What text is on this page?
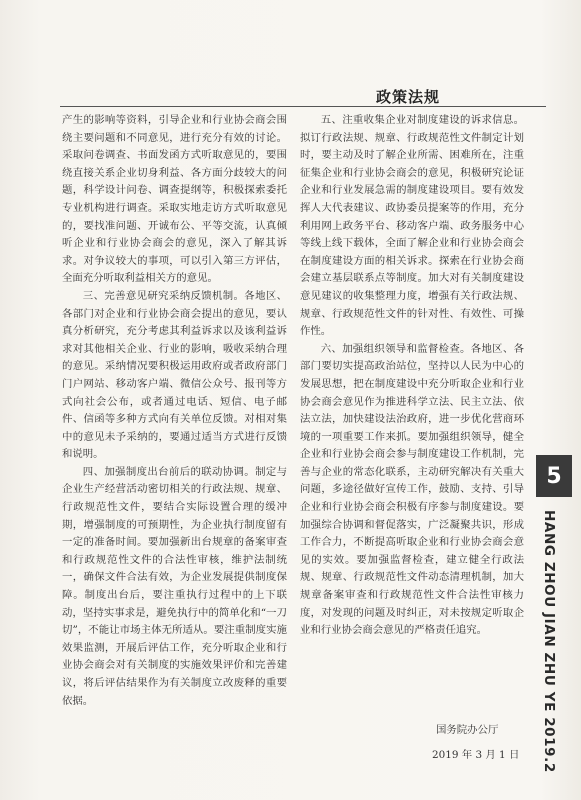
政策法规

产生的影响等资料，引导企业和行业协会商会围绕主要问题和不同意见，进行充分有效的讨论。采取问卷调查、书面发函方式听取意见的，要围绕直接关系企业切身利益、各方面分歧较大的问题，科学设计问卷、调查提纲等，积极探索委托专业机构进行调查。采取实地走访方式听取意见的，要找准问题、开诚布公、平等交流，认真倾听企业和行业协会商会的意见，深入了解其诉求。对争议较大的事项，可以引入第三方评估，全面充分听取利益相关方的意见。

三、完善意见研究采纳反馈机制。各地区、各部门对企业和行业协会商会提出的意见，要认真分析研究，充分考虑其利益诉求以及该利益诉求对其他相关企业、行业的影响，吸收采纳合理的意见。采纳情况要积极运用政府或者政府部门门户网站、移动客户端、微信公众号、报刊等方式向社会公布，或者通过电话、短信、电子邮件、信函等多种方式向有关单位反馈。对相对集中的意见未予采纳的，要通过适当方式进行反馈和说明。

四、加强制度出台前后的联动协调。制定与企业生产经营活动密切相关的行政法规、规章、行政规范性文件，要结合实际设置合理的缓冲期，增强制度的可预期性，为企业执行制度留有一定的准备时间。要加强新出台规章的备案审查和行政规范性文件的合法性审核，维护法制统一，确保文件合法有效，为企业发展提供制度保障。制度出台后，要注重执行过程中的上下联动，坚持实事求是，避免执行中的简单化和“一刀切”，不能让市场主体无所适从。要注重制度实施效果监测，开展后评估工作，充分听取企业和行业协会商会对有关制度的实施效果评价和完善建议，将后评估结果作为有关制度立改废释的重要依据。

五、注重收集企业对制度建设的诉求信息。拟订行政法规、规章、行政规范性文件制定计划时，要主动及时了解企业所需、困难所在，注重征集企业和行业协会商会的意见，积极研究论证企业和行业发展急需的制度建设项目。要有效发挥人大代表建议、政协委员提案等的作用，充分利用网上政务平台、移动客户端、政务服务中心等线上线下载体，全面了解企业和行业协会商会在制度建设方面的相关诉求。探索在行业协会商会建立基层联系点等制度。加大对有关制度建设意见建议的收集整理力度，增强有关行政法规、规章、行政规范性文件的针对性、有效性、可操作性。

六、加强组织领导和监督检查。各地区、各部门要切实提高政治站位，坚持以人民为中心的发展思想，把在制度建设中充分听取企业和行业协会商会意见作为推进科学立法、民主立法、依法立法，加快建设法治政府，进一步优化营商环境的一项重要工作来抓。要加强组织领导，健全企业和行业协会商会参与制度建设工作机制，完善与企业的常态化联系，主动研究解决有关重大问题，多途径做好宣传工作，鼓励、支持、引导企业和行业协会商会积极有序参与制度建设。要加强综合协调和督促落实，广泛凝聚共识，形成工作合力，不断提高听取企业和行业协会商会意见的实效。要加强监督检查，建立健全行政法规、规章、行政规范性文件动态清理机制，加大规章备案审查和行政规范性文件合法性审核力度，对发现的问题及时纠正，对未按规定听取企业和行业协会商会意见的严格责任追究。

国务院办公厅
2019 年 3 月 1 日
5
HANG ZHOU JIAN ZHU YE 2019.2
